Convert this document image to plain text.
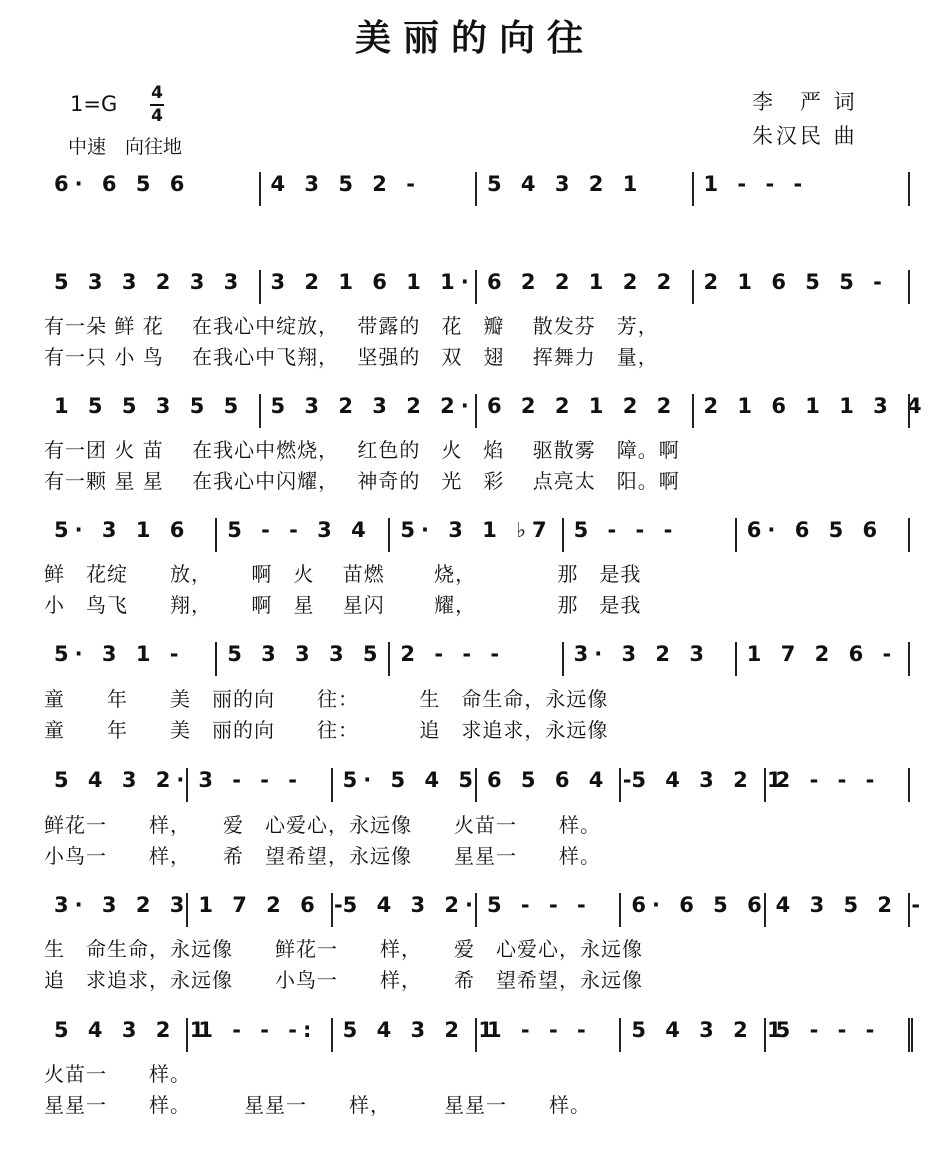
美丽的向往
1=G 4
4
中速　向往地
李　严 词
朱汉民 曲
6· 6 5 6	4 3 5 2 -	5 4 3 2 1	1 - - -
5 3 3 2 3 3 3 2 1 6 1 1· 6 2 2 1 2 2 2 1 6 5 5 -
1 5 5 3 5 5 5 3 2 3 2 2· 6 2 2 1 2 2 2 1 6 1 1 3 4
5· 3 1 6 5 - - 3 4 5· 3 1 ♭7 5 - - -	6· 6 5 6
5· 3 1 - 5 3 3 3 5 2 - - -	3· 3 2 3 1 7 2 6 -
5 4 3 2· 3 - - - 5· 5 4 5 6 5 6 4 -
5 4 3 2 1
2 - - -
3· 3 2 3 1 7 2 6 -
5 4 3 2· 5 - - - 6· 6 5 6 4 3 5 2 -
5 4 3 2 1
1 - - -: 5 4 3 2 1
1 - - - 5 4 3 2 1
5 - - -
有一朵 鲜 花　 在我心中绽放，　 带露的　花　瓣　 散发芬　芳，
有一只 小 鸟　 在我心中飞翔，　 坚强的　双　翅　 挥舞力　量，
有一团 火 苗　 在我心中燃烧，　 红色的　火　焰　 驱散雾　障。啊
有一颗 星 星　 在我心中闪耀，　 神奇的　光　彩　 点亮太　阳。啊
鲜　花绽　　放，　　 啊　火　 苗燃　　 烧，　　　　 那　是我
小　鸟飞　　翔，　　 啊　星　 星闪　　 耀，　　　　 那　是我
童　　年　　美　丽的向　　往：　　　 生　命生命，永远像
童　　年　　美　丽的向　　往：　　　 追　求追求，永远像
鲜花一　　样，　　爱　心爱心，永远像　　火苗一　　样。
小鸟一　　样，　　希　望希望，永远像　　星星一　　样。
生　命生命，永远像　　鲜花一　　样，　　爱　心爱心，永远像
追　求追求，永远像　　小鸟一　　样，　　希　望希望，永远像
火苗一　　样。
星星一　　样。　　　星星一　　样，　　　星星一　　样。
